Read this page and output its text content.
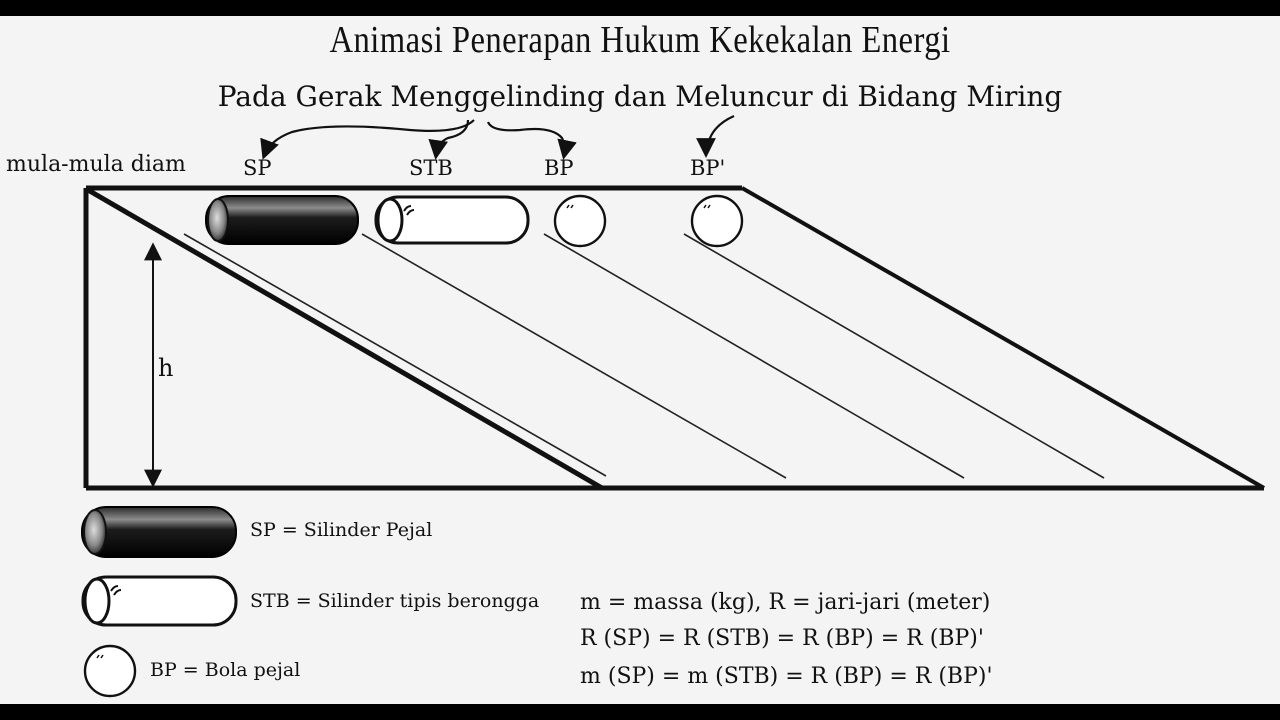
Animasi Penerapan Hukum Kekekalan Energi
Pada Gerak Menggelinding dan Meluncur di Bidang Miring
mula-mula diam
h
SP	STB	BP	BP'
SP = Silinder Pejal
STB = Silinder tipis berongga
BP = Bola pejal
m = massa (kg), R = jari-jari (meter)
R (SP) = R (STB) = R (BP) = R (BP)'
m (SP) = m (STB) = R (BP) = R (BP)'
